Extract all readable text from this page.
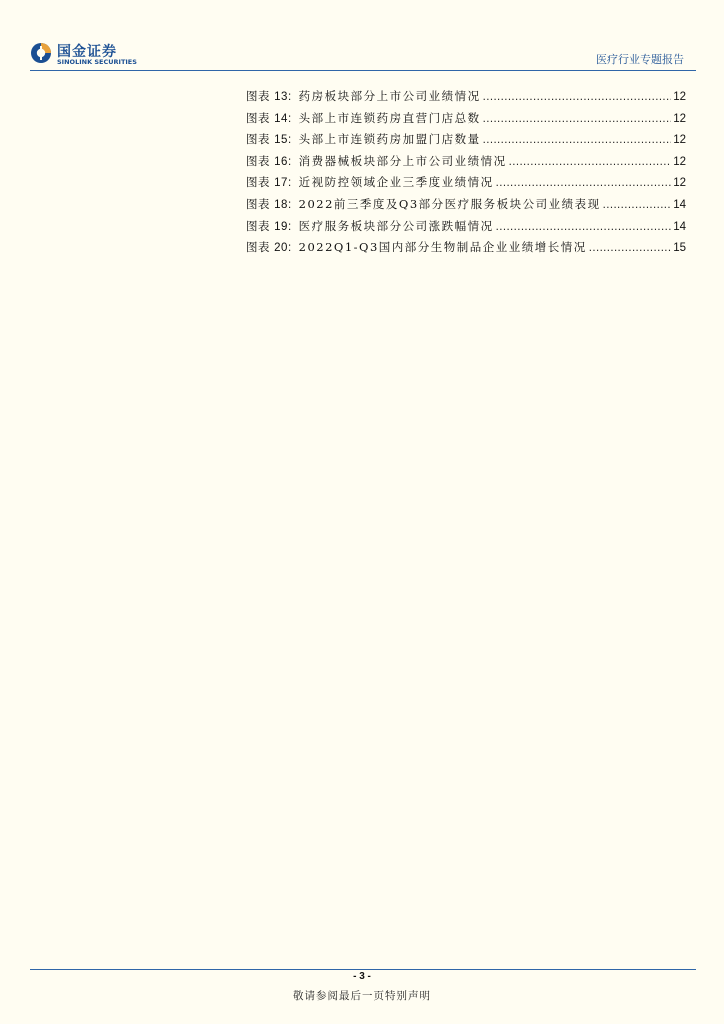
国金证券
SINOLINK SECURITIES	医疗行业专题报告
图表 13: 药房板块部分上市公司业绩情况 .....	12
图表 14: 头部上市连锁药房直营门店总数 .....	12
图表 15: 头部上市连锁药房加盟门店数量 .....	12
图表 16: 消费器械板块部分上市公司业绩情况 .....	12
图表 17: 近视防控领域企业三季度业绩情况 .....	12
图表 18: 2022前三季度及Q3部分医疗服务板块公司业绩表现 .....	14
图表 19: 医疗服务板块部分公司涨跌幅情况 .....	14
图表 20: 2022Q1-Q3国内部分生物制品企业业绩增长情况 .....	15
- 3 -
敬请参阅最后一页特别声明
